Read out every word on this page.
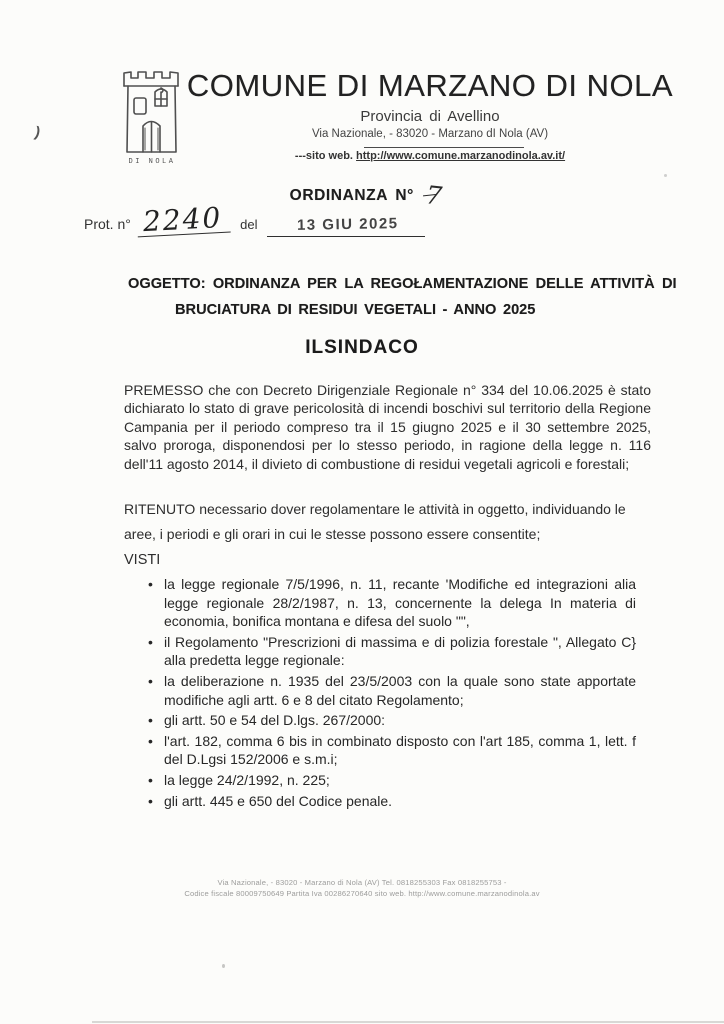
DI NOLA
COMUNE DI MARZANO DI NOLA
Provincia di Avellino
Via Nazionale, - 83020 - Marzano dI Nola (AV)
---sito web. http://www.comune.marzanodinola.av.it/
ORDINANZA N° 7
Prot. n° 2240	del	13 GIU 2025
OGGETTO: ORDINANZA PER LA REGOŁAMENTAZIONE DELLE ATTIVITÀ DI
BRUCIATURA DI RESIDUI VEGETALI - ANNO 2025
ILSINDACO

PREMESSO che con Decreto Dirigenziale Regionale n° 334 del 10.06.2025 è stato dichiarato lo stato di grave pericolosità di incendi boschivi sul territorio della Regione Campania per il periodo compreso tra il 15 giugno 2025 e il 30 settembre 2025, salvo proroga, disponendosi per lo stesso periodo, in ragione della legge n. 116 dell'11 agosto 2014, il divieto di combustione di residui vegetali agricoli e forestali;

RITENUTO necessario dover regolamentare le attività in oggetto, individuando le aree, i periodi e gli orari in cui le stesse possono essere consentite;

VISTI
• la legge regionale 7/5/1996, n. 11, recante 'Modifiche ed integrazioni alia legge regionale 28/2/1987, n. 13, concernente la delega In materia di economia, bonifica montana e difesa del suolo "",
• il Regolamento "Prescrizioni di massima e di polizia forestale ", Allegato C} alla predetta legge regionale:
• la deliberazione n. 1935 del 23/5/2003 con la quale sono state apportate modifiche agli artt. 6 e 8 del citato Regolamento;
• gli artt. 50 e 54 del D.lgs. 267/2000:
• l'art. 182, comma 6 bis in combinato disposto con l'art 185, comma 1, lett. f del D.Lgsi 152/2006 e s.m.i;
• la legge 24/2/1992, n. 225;
• gli artt. 445 e 650 del Codice penale.
Via Nazionale, - 83020 - Marzano di Nola (AV) Tel. 0818255303 Fax 0818255753 -
Codice fiscale 80009750649 Partita Iva 00286270640 sito web. http://www.comune.marzanodinola.av
)
